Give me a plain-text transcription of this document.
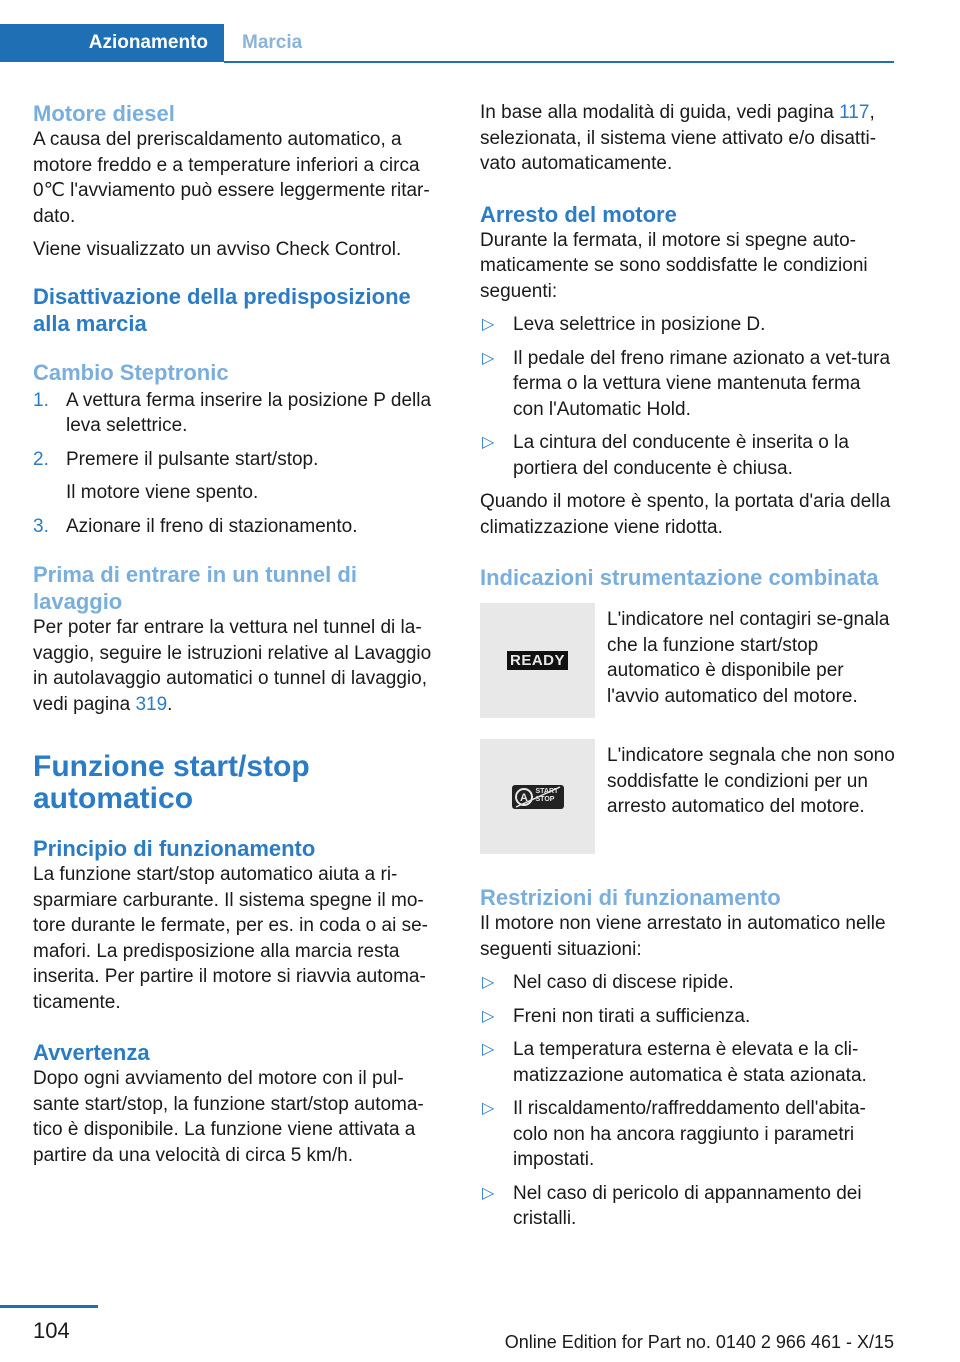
Azionamento	Marcia
Motore diesel

A causa del preriscaldamento automatico, a motore freddo e a temperature inferiori a circa 0℃ l'avviamento può essere leggermente ritar‐dato.

Viene visualizzato un avviso Check Control.

Disattivazione della predisposizione alla marcia
Cambio Steptronic
1. A vettura ferma inserire la posizione P della leva selettrice.
2. Premere il pulsante start/stop.
Il motore viene spento.
3. Azionare il freno di stazionamento.
Prima di entrare in un tunnel di lavaggio

Per poter far entrare la vettura nel tunnel di la‐vaggio, seguire le istruzioni relative al Lavaggio in autolavaggio automatici o tunnel di lavaggio, vedi pagina 319.

Funzione start/stop automatico
Principio di funzionamento

La funzione start/stop automatico aiuta a ri‐sparmiare carburante. Il sistema spegne il mo‐tore durante le fermate, per es. in coda o ai se‐mafori. La predisposizione alla marcia resta inserita. Per partire il motore si riavvia automa‐ticamente.

Avvertenza

Dopo ogni avviamento del motore con il pul‐sante start/stop, la funzione start/stop automa‐tico è disponibile. La funzione viene attivata a partire da una velocità di circa 5 km/h.

In base alla modalità di guida, vedi pagina 117, selezionata, il sistema viene attivato e/o disatti‐vato automaticamente.

Arresto del motore

Durante la fermata, il motore si spegne auto‐maticamente se sono soddisfatte le condizioni seguenti:

▷ Leva selettrice in posizione D.
▷ Il pedale del freno rimane azionato a vet‐tura ferma o la vettura viene mantenuta ferma con l'Automatic Hold.
▷ La cintura del conducente è inserita o la portiera del conducente è chiusa.

Quando il motore è spento, la portata d'aria della climatizzazione viene ridotta.

Indicazioni strumentazione combinata
READY

L'indicatore nel contagiri se‐gnala che la funzione start/stop automatico è disponibile per l'avvio automatico del motore.

A
START
STOP

L'indicatore segnala che non sono soddisfatte le condizioni per un arresto automatico del motore.

Restrizioni di funzionamento

Il motore non viene arrestato in automatico nelle seguenti situazioni:

▷ Nel caso di discese ripide.
▷ Freni non tirati a sufficienza.
▷ La temperatura esterna è elevata e la cli‐matizzazione automatica è stata azionata.
▷ Il riscaldamento/raffreddamento dell'abita‐colo non ha ancora raggiunto i parametri impostati.
▷ Nel caso di pericolo di appannamento dei cristalli.
104	Online Edition for Part no. 0140 2 966 461 - X/15
